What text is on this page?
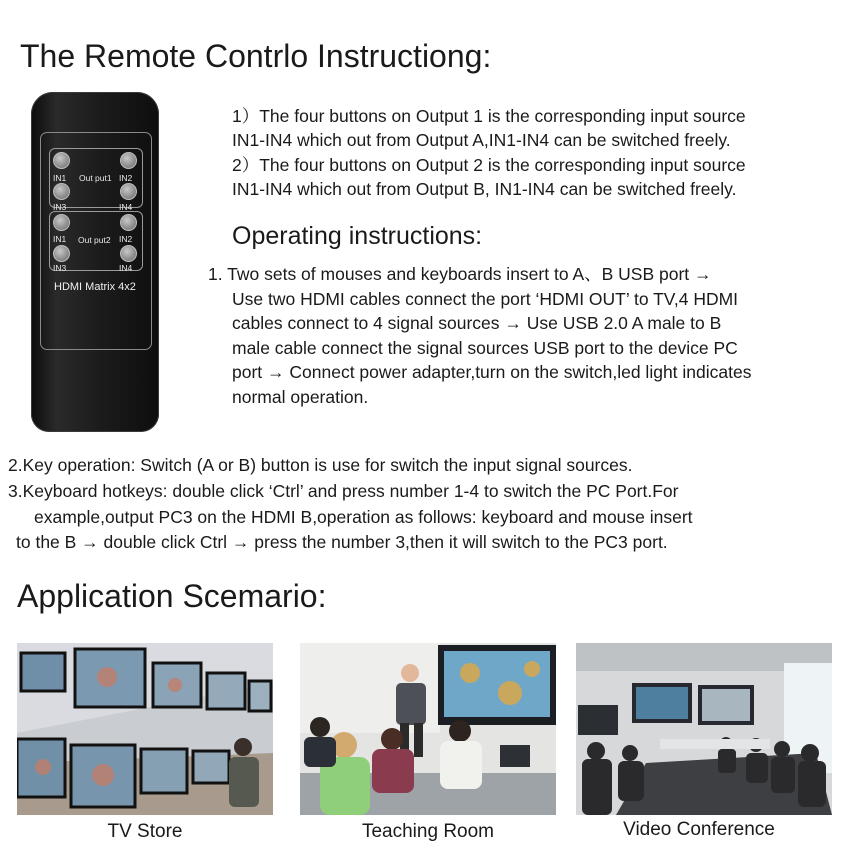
The Remote Contrlo Instructiong:
IN1	IN2
IN3	IN4
IN1	IN2
IN3	IN4
Out put1
Out put2
HDMI Matrix 4x2
1）The four buttons on Output 1 is the corresponding input source
IN1-IN4 which out from Output A,IN1-IN4 can be switched freely.
2）The four buttons on Output 2 is the corresponding input source
IN1-IN4 which out from Output B, IN1-IN4 can be switched freely.
Operating instructions:
1. Two sets of mouses and keyboards insert to A、B USB port →
Use two HDMI cables connect the port ‘HDMI OUT’ to TV,4 HDMI
cables connect to 4 signal sources → Use USB 2.0 A male to B
male cable connect the signal sources USB port to the device PC
port → Connect power adapter,turn on the switch,led light indicates
normal operation.
2.Key operation: Switch (A or B) button is use for switch the input signal sources.
3.Keyboard hotkeys: double click ‘Ctrl’ and press number 1-4 to switch the PC Port.For
example,output PC3 on the HDMI B,operation as follows: keyboard and mouse insert
to the B → double click Ctrl → press the number 3,then it will switch to the PC3 port.
Application Scemario:
TV Store	Teaching Room	Video Conference
